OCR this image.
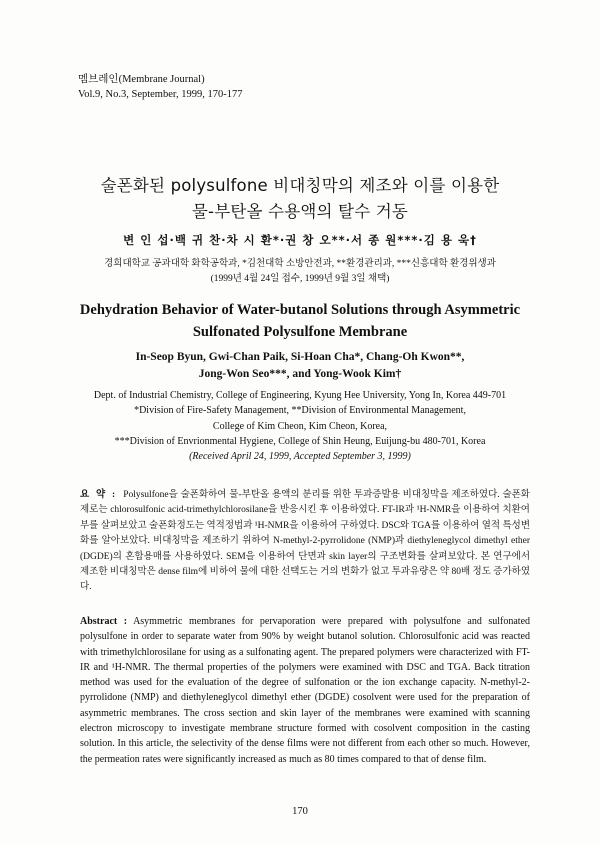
멤브레인(Membrane Journal)
Vol.9, No.3, September, 1999, 170-177
술폰화된 polysulfone 비대칭막의 제조와 이를 이용한
물-부탄올 수용액의 탈수 거동
변 인 섭·백 귀 찬·차 시 환*·권 창 오**·서 종 원***·김 용 욱†
경희대학교 공과대학 화학공학과, *김천대학 소방안전과, **환경관리과, ***신흥대학 환경위생과
(1999년 4월 24일 접수, 1999년 9월 3일 채택)
Dehydration Behavior of Water-butanol Solutions through Asymmetric
Sulfonated Polysulfone Membrane
In-Seop Byun, Gwi-Chan Paik, Si-Hoan Cha*, Chang-Oh Kwon**,
Jong-Won Seo***, and Yong-Wook Kim†
Dept. of Industrial Chemistry, College of Engineering, Kyung Hee University, Yong In, Korea 449-701
*Division of Fire-Safety Management, **Division of Environmental Management,
College of Kim Cheon, Kim Cheon, Korea,
***Division of Envrionmental Hygiene, College of Shin Heung, Euijung-bu 480-701, Korea
(Received April 24, 1999, Accepted September 3, 1999)
요 약 : Polysulfone을 술폰화하여 물-부탄올 용액의 분리를 위한 투과증발용 비대칭막을 제조하였다. 술폰화제로는 chlorosulfonic acid-trimethylchlorosilane을 반응시킨 후 이용하였다. FT-IR과 ¹H-NMR을 이용하여 치환여부를 살펴보았고 술폰화정도는 역적정법과 ¹H-NMR을 이용하여 구하였다. DSC와 TGA를 이용하여 열적 특성변화를 알아보았다. 비대칭막을 제조하기 위하여 N-methyl-2-pyrrolidone (NMP)과 diethyleneglycol dimethyl ether (DGDE)의 혼합용매를 사용하였다. SEM을 이용하여 단면과 skin layer의 구조변화를 살펴보았다. 본 연구에서 제조한 비대칭막은 dense film에 비하여 물에 대한 선택도는 거의 변화가 없고 투과유량은 약 80배 정도 증가하였다.
Abstract : Asymmetric membranes for pervaporation were prepared with polysulfone and sulfonated polysulfone in order to separate water from 90% by weight butanol solution. Chlorosulfonic acid was reacted with trimethylchlorosilane for using as a sulfonating agent. The prepared polymers were characterized with FT-IR and ¹H-NMR. The thermal properties of the polymers were examined with DSC and TGA. Back titration method was used for the evaluation of the degree of sulfonation or the ion exchange capacity. N-methyl-2-pyrrolidone (NMP) and diethyleneglycol dimethyl ether (DGDE) cosolvent were used for the preparation of asymmetric membranes. The cross section and skin layer of the membranes were examined with scanning electron microscopy to investigate membrane structure formed with cosolvent composition in the casting solution. In this article, the selectivity of the dense films were not different from each other so much. However, the permeation rates were significantly increased as much as 80 times compared to that of dense film.
170
